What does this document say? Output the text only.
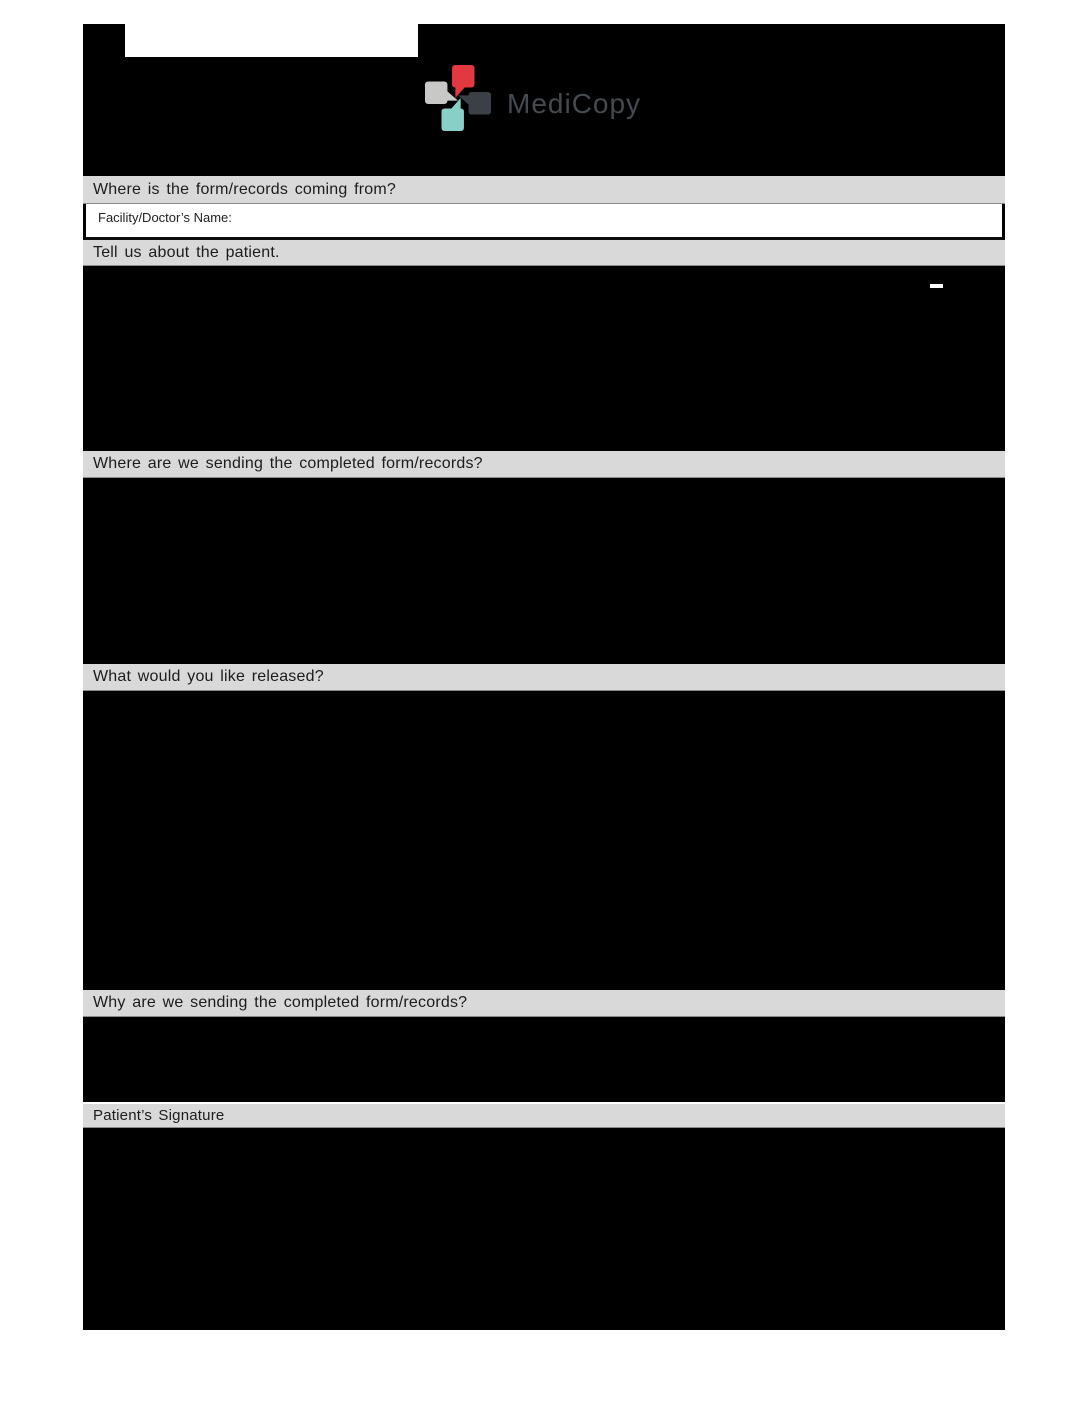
MediCopy
Where is the form/records coming from?
Facility/Doctor’s Name:
Tell us about the patient.
Where are we sending the completed form/records?
What would you like released?
Why are we sending the completed form/records?
Patient’s Signature
